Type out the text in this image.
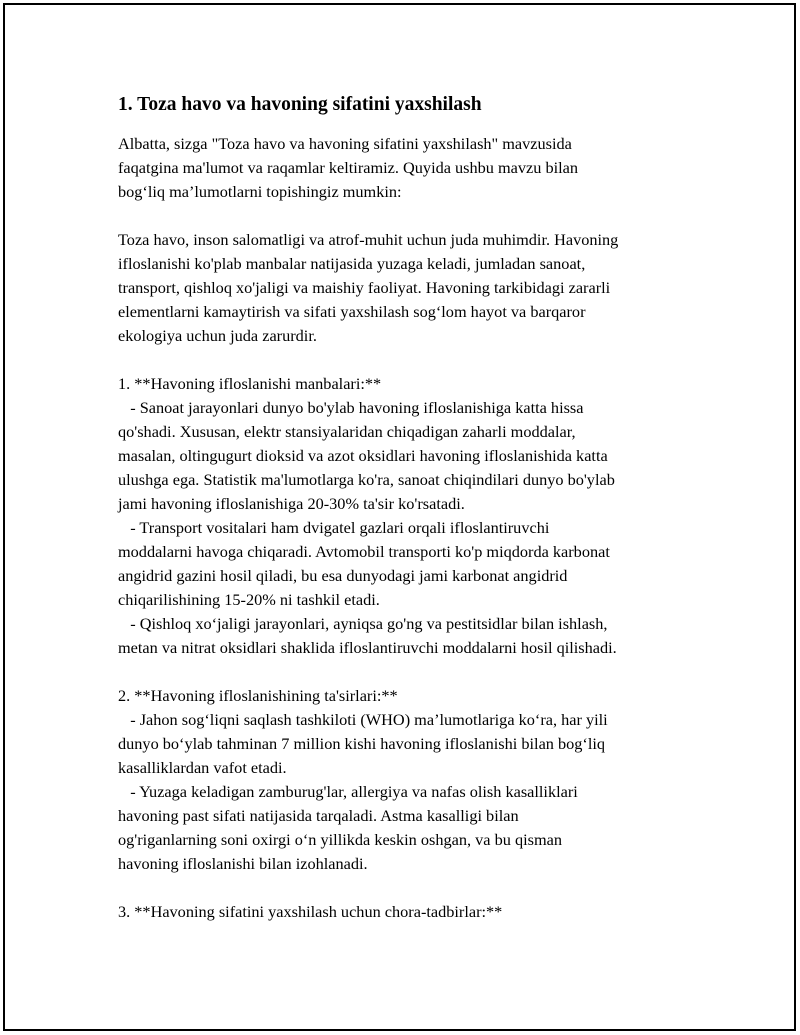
1. Toza havo va havoning sifatini yaxshilash

Albatta, sizga "Toza havo va havoning sifatini yaxshilash" mavzusida
faqatgina ma'lumot va raqamlar keltiramiz. Quyida ushbu mavzu bilan
bog‘liq ma’lumotlarni topishingiz mumkin:

Toza havo, inson salomatligi va atrof-muhit uchun juda muhimdir. Havoning
ifloslanishi ko'plab manbalar natijasida yuzaga keladi, jumladan sanoat,
transport, qishloq xo'jaligi va maishiy faoliyat. Havoning tarkibidagi zararli
elementlarni kamaytirish va sifati yaxshilash sog‘lom hayot va barqaror
ekologiya uchun juda zarurdir.

1. **Havoning ifloslanishi manbalari:**

- Sanoat jarayonlari dunyo bo'ylab havoning ifloslanishiga katta hissa
qo'shadi. Xususan, elektr stansiyalaridan chiqadigan zaharli moddalar,
masalan, oltingugurt dioksid va azot oksidlari havoning ifloslanishida katta
ulushga ega. Statistik ma'lumotlarga ko'ra, sanoat chiqindilari dunyo bo'ylab
jami havoning ifloslanishiga 20-30% ta'sir ko'rsatadi.

- Transport vositalari ham dvigatel gazlari orqali ifloslantiruvchi
moddalarni havoga chiqaradi. Avtomobil transporti ko'p miqdorda karbonat
angidrid gazini hosil qiladi, bu esa dunyodagi jami karbonat angidrid
chiqarilishining 15-20% ni tashkil etadi.

- Qishloq xo‘jaligi jarayonlari, ayniqsa go'ng va pestitsidlar bilan ishlash,
metan va nitrat oksidlari shaklida ifloslantiruvchi moddalarni hosil qilishadi.

2. **Havoning ifloslanishining ta'sirlari:**

- Jahon sog‘liqni saqlash tashkiloti (WHO) ma’lumotlariga ko‘ra, har yili
dunyo bo‘ylab tahminan 7 million kishi havoning ifloslanishi bilan bog‘liq
kasalliklardan vafot etadi.

- Yuzaga keladigan zamburug'lar, allergiya va nafas olish kasalliklari
havoning past sifati natijasida tarqaladi. Astma kasalligi bilan
og'riganlarning soni oxirgi o‘n yillikda keskin oshgan, va bu qisman
havoning ifloslanishi bilan izohlanadi.

3. **Havoning sifatini yaxshilash uchun chora-tadbirlar:**
